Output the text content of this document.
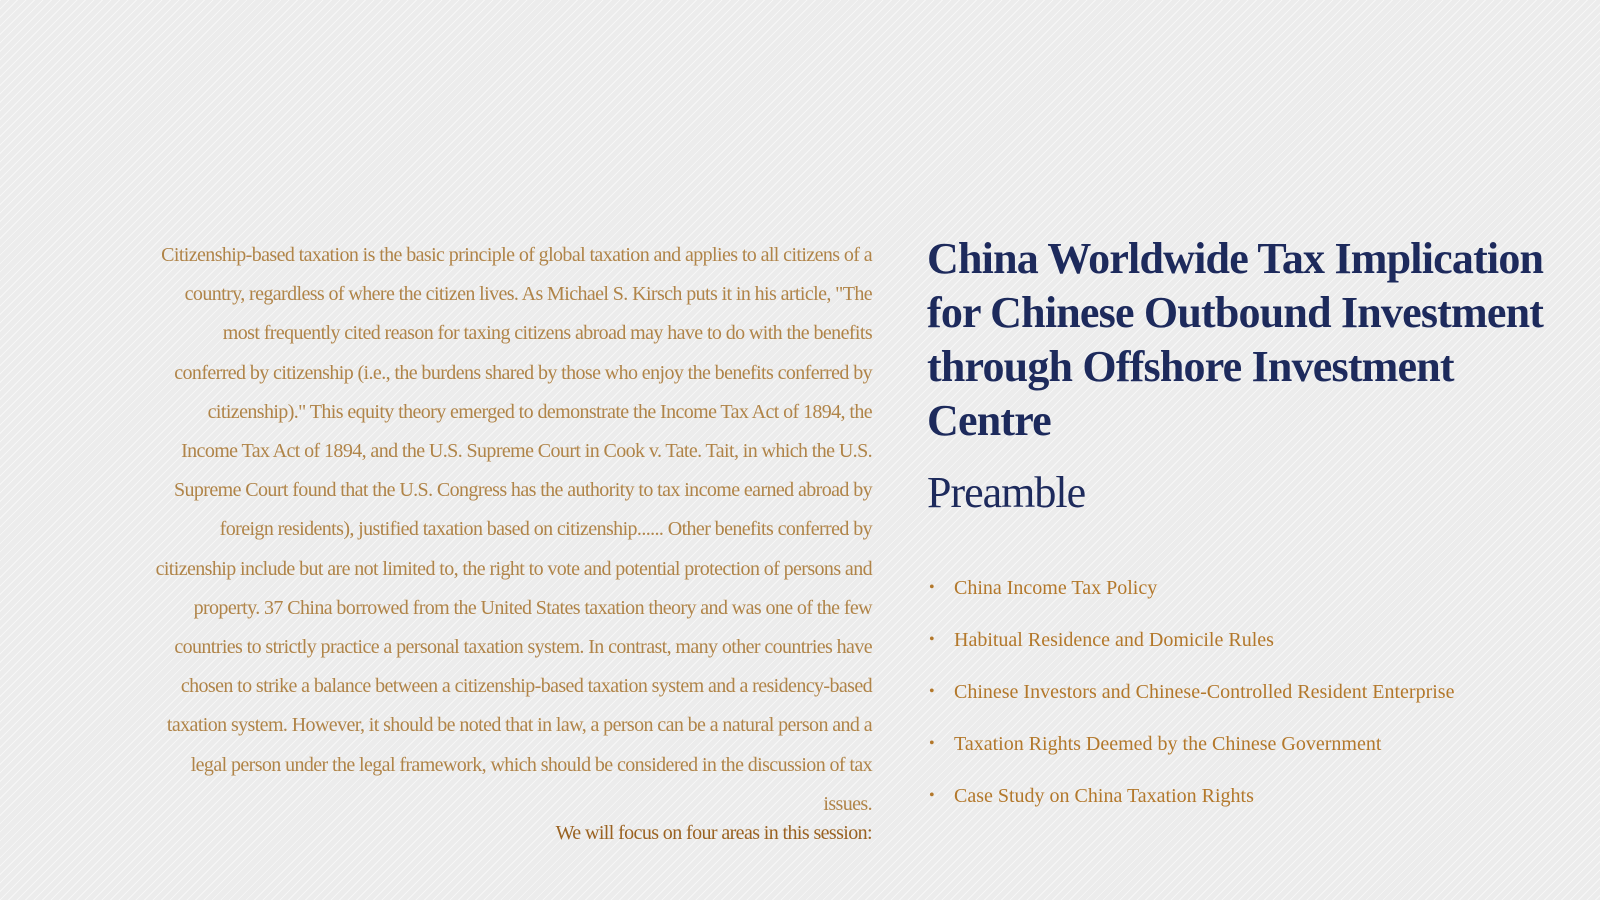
Citizenship-based taxation is the basic principle of global taxation and applies to all citizens of a country, regardless of where the citizen lives. As Michael S. Kirsch puts it in his article, "The most frequently cited reason for taxing citizens abroad may have to do with the benefits conferred by citizenship (i.e., the burdens shared by those who enjoy the benefits conferred by citizenship)." This equity theory emerged to demonstrate the Income Tax Act of 1894, the Income Tax Act of 1894, and the U.S. Supreme Court in Cook v. Tate. Tait, in which the U.S. Supreme Court found that the U.S. Congress has the authority to tax income earned abroad by foreign residents), justified taxation based on citizenship...... Other benefits conferred by citizenship include but are not limited to, the right to vote and potential protection of persons and property. 37 China borrowed from the United States taxation theory and was one of the few countries to strictly practice a personal taxation system. In contrast, many other countries have chosen to strike a balance between a citizenship-based taxation system and a residency-based taxation system. However, it should be noted that in law, a person can be a natural person and a legal person under the legal framework, which should be considered in the discussion of tax issues.

We will focus on four areas in this session:
China Worldwide Tax Implication for Chinese Outbound Investment through Offshore Investment Centre
Preamble
• China Income Tax Policy
• Habitual Residence and Domicile Rules
• Chinese Investors and Chinese-Controlled Resident Enterprise
• Taxation Rights Deemed by the Chinese Government
• Case Study on China Taxation Rights
